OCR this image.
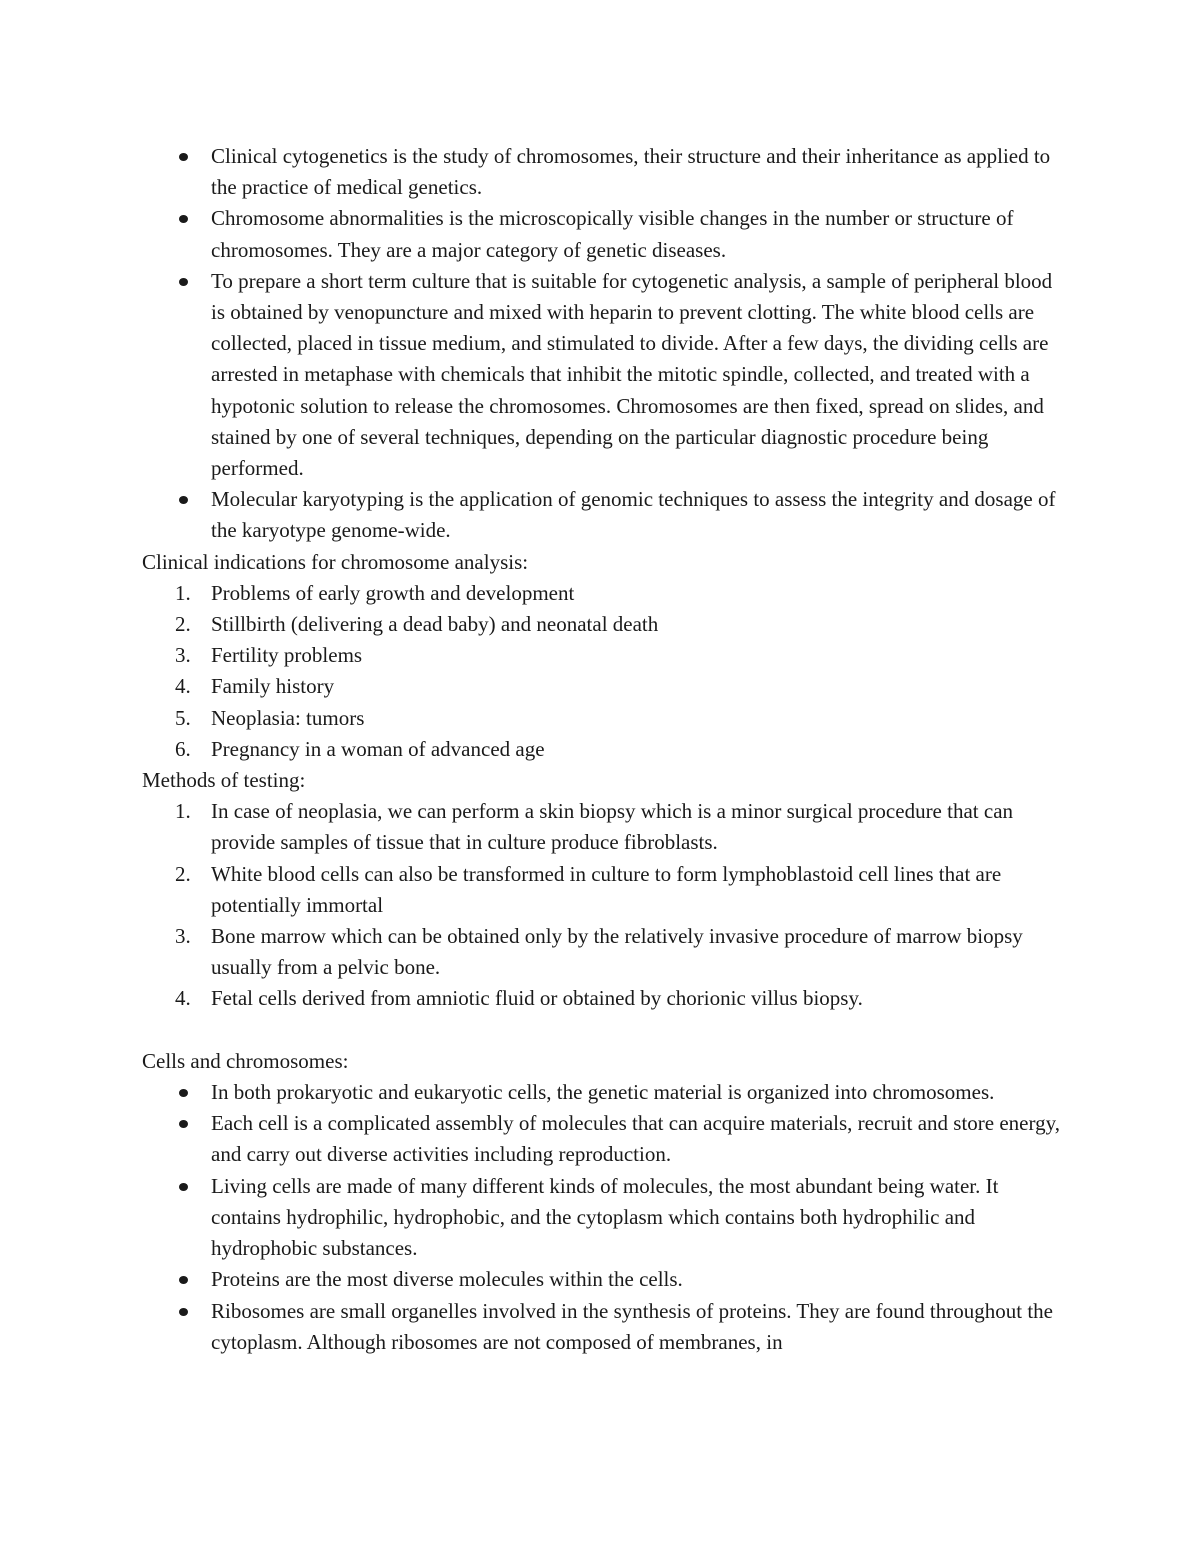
Clinical cytogenetics is the study of chromosomes, their structure and their inheritance as applied to the practice of medical genetics.
Chromosome abnormalities is the microscopically visible changes in the number or structure of chromosomes. They are a major category of genetic diseases.
To prepare a short term culture that is suitable for cytogenetic analysis, a sample of peripheral blood is obtained by venopuncture and mixed with heparin to prevent clotting. The white blood cells are collected, placed in tissue medium, and stimulated to divide. After a few days, the dividing cells are arrested in metaphase with chemicals that inhibit the mitotic spindle, collected, and treated with a hypotonic solution to release the chromosomes. Chromosomes are then fixed, spread on slides, and stained by one of several techniques, depending on the particular diagnostic procedure being performed.
Molecular karyotyping is the application of genomic techniques to assess the integrity and dosage of the karyotype genome-wide.

Clinical indications for chromosome analysis:

1. Problems of early growth and development
2. Stillbirth (delivering a dead baby) and neonatal death
3. Fertility problems
4. Family history
5. Neoplasia: tumors
6. Pregnancy in a woman of advanced age

Methods of testing:

1. In case of neoplasia, we can perform a skin biopsy which is a minor surgical procedure that can provide samples of tissue that in culture produce fibroblasts.
2. White blood cells can also be transformed in culture to form lymphoblastoid cell lines that are potentially immortal
3. Bone marrow which can be obtained only by the relatively invasive procedure of marrow biopsy usually from a pelvic bone.
4. Fetal cells derived from amniotic fluid or obtained by chorionic villus biopsy.

Cells and chromosomes:

In both prokaryotic and eukaryotic cells, the genetic material is organized into chromosomes.
Each cell is a complicated assembly of molecules that can acquire materials, recruit and store energy, and carry out diverse activities including reproduction.
Living cells are made of many different kinds of molecules, the most abundant being water. It contains hydrophilic, hydrophobic, and the cytoplasm which contains both hydrophilic and hydrophobic substances.
Proteins are the most diverse molecules within the cells.
Ribosomes are small organelles involved in the synthesis of proteins. They are found throughout the cytoplasm. Although ribosomes are not composed of membranes, in
